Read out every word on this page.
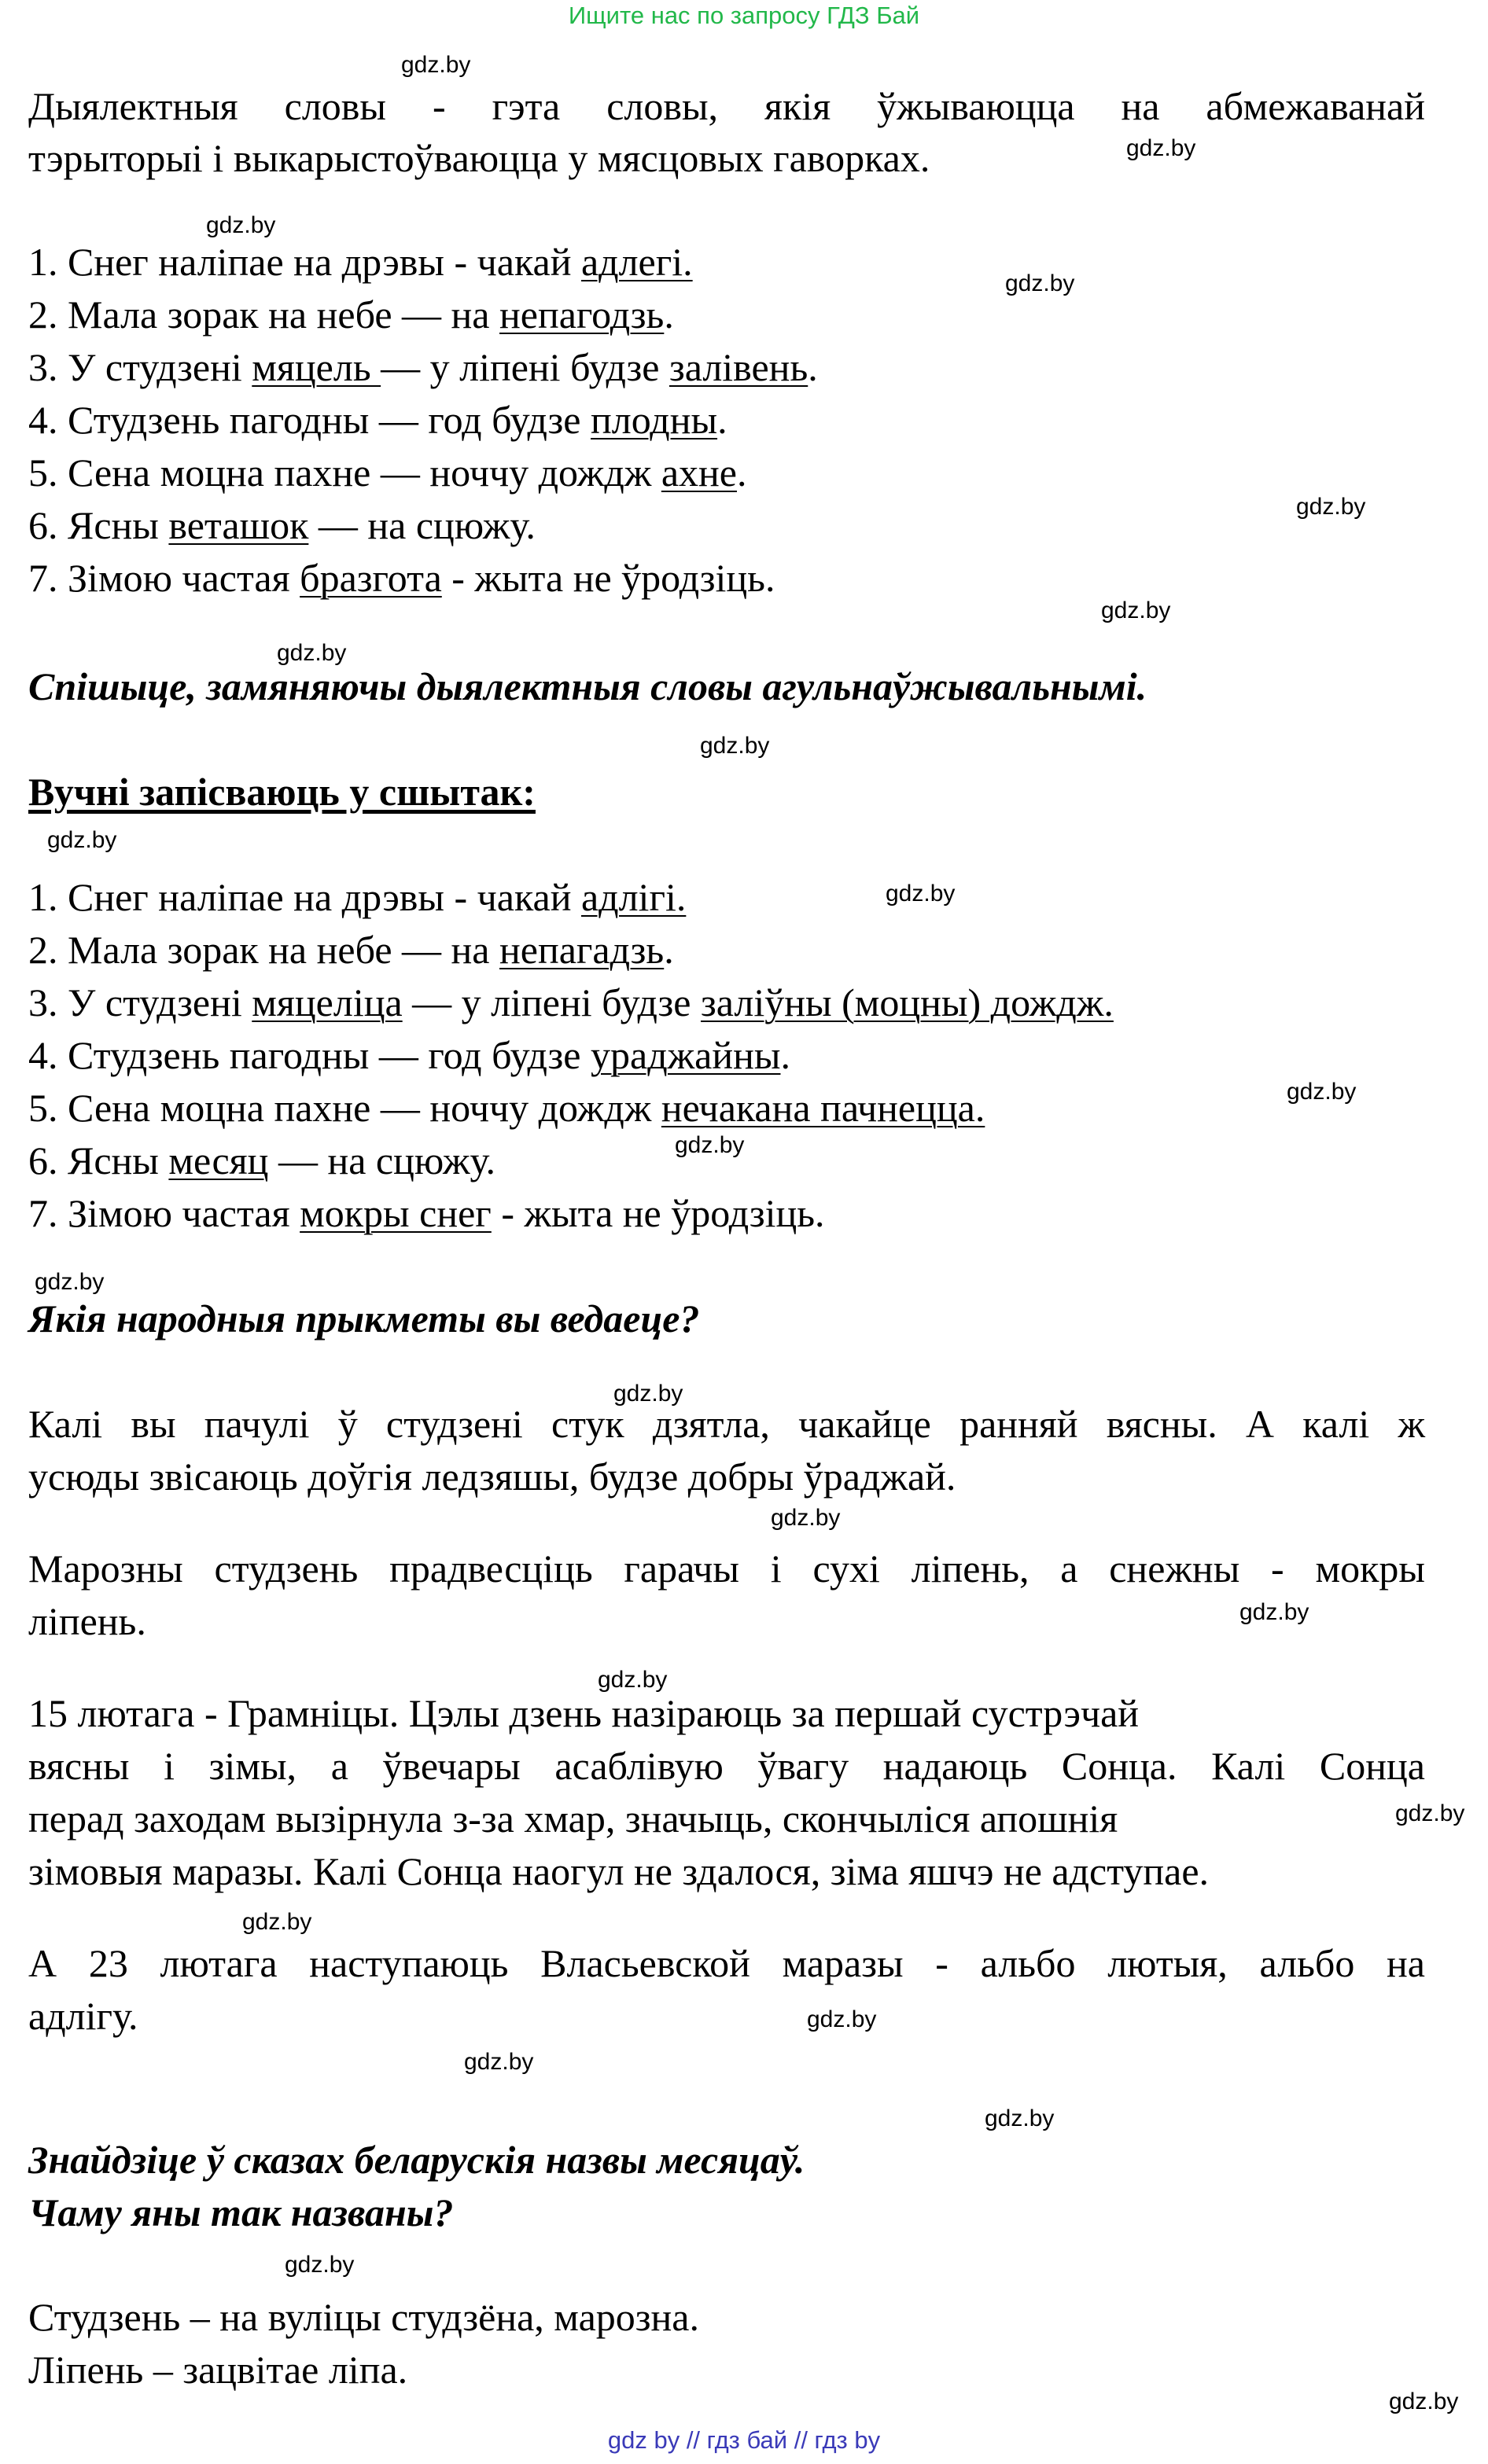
Ищите нас по запросу ГДЗ Бай
gdz.by
gdz.by
gdz.by
gdz.by
gdz.by
gdz.by
gdz.by
gdz.by
gdz.by
gdz.by
gdz.by
gdz.by
gdz.by
gdz.by
gdz.by
gdz.by
gdz.by
gdz.by
gdz.by
gdz.by
gdz.by
gdz.by
gdz.by
gdz.by
Дыялектныя словы - гэта словы, якія ўжываюцца на абмежаванай
тэрыторыі і выкарыстоўваюцца у мясцовых гаворках.
1. Снег наліпае на дрэвы - чакай адлегі.
2. Мала зорак на небе — на непагодзь.
3. У студзені мяцель — у ліпені будзе залівень.
4. Студзень пагодны — год будзе плодны.
5. Сена моцна пахне — ноччу дождж ахне.
6. Ясны веташок — на сцюжу.
7. Зімою частая бразгота - жыта не ўродзіць.
Спішыце, замяняючы дыялектныя словы агульнаўжывальнымі.
Вучні запісваюць у сшытак:
1. Снег наліпае на дрэвы - чакай адлігі.
2. Мала зорак на небе — на непагадзь.
3. У студзені мяцеліца — у ліпені будзе заліўны (моцны) дождж.
4. Студзень пагодны — год будзе ураджайны.
5. Сена моцна пахне — ноччу дождж нечакана пачнецца.
6. Ясны месяц — на сцюжу.
7. Зімою частая мокры снег - жыта не ўродзіць.
Якія народныя прыкметы вы ведаеце?
Калі вы пачулі ў студзені стук дзятла, чакайце ранняй вясны. А калі ж
усюды звісаюць доўгія ледзяшы, будзе добры ўраджай.
Марозны студзень прадвесціць гарачы і сухі ліпень, а снежны - мокры
ліпень.
15 лютага - Грамніцы. Цэлы дзень назіраюць за першай сустрэчай
вясны і зімы, а ўвечары асаблівую ўвагу надаюць Сонца. Калі Сонца
перад заходам вызірнула з-за хмар, значыць, скончыліся апошнія
зімовыя маразы. Калі Сонца наогул не здалося, зіма яшчэ не адступае.
А 23 лютага наступаюць Власьевской маразы - альбо лютыя, альбо на
адлігу.
Знайдзіце ў сказах беларускія назвы месяцаў.
Чаму яны так названы?
Студзень – на вуліцы студзёна, марозна.
Ліпень – зацвітае ліпа.
gdz by // гдз бай // гдз by
